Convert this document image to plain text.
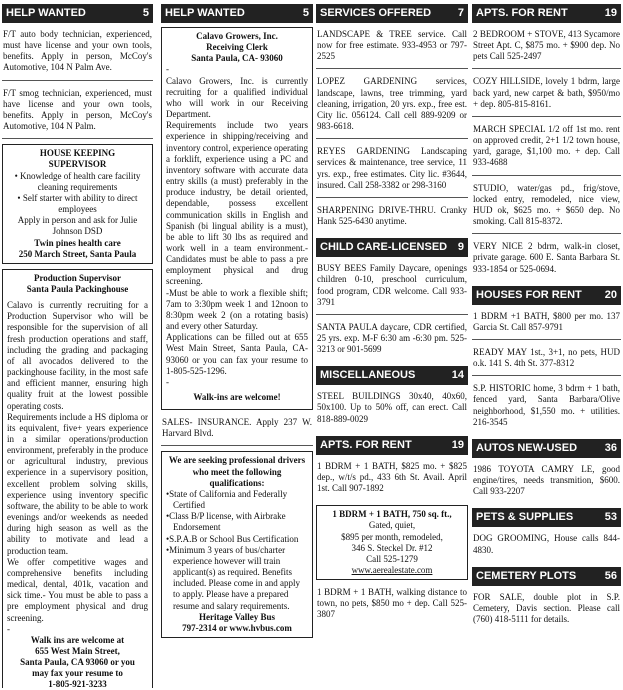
HELP WANTED	5
F/T auto body technician, experienced, must have license and your own tools, benefits. Apply in person, McCoy's Automotive, 104 N Palm Ave.
F/T smog technician, experienced, must have license and your own tools, benefits. Apply in person, McCoy's Automotive, 104 N Palm.
HOUSE KEEPING
SUPERVISOR
• Knowledge of health care facility cleaning requirements
• Self starter with ability to direct employees
Apply in person and ask for Julie Johnson DSD
Twin pines health care
250 March Street, Santa Paula
Production Supervisor
Santa Paula Packinghouse
Calavo is currently recruiting for a Production Supervisor who will be responsible for the supervision of all fresh production operations and staff, including the grading and packaging of all avocados delivered to the packinghouse facility, in the most safe and efficient manner, ensuring high quality fruit at the lowest possible operating costs.
Requirements include a HS diploma or its equivalent, five+ years experience in a similar operations/production environment, preferably in the produce or agricultural industry, previous experience in a supervisory position, excellent problem solving skills, experience using inventory specific software, the ability to be able to work evenings and/or weekends as needed during high season as well as the ability to motivate and lead a production team.
We offer competitive wages and comprehensive benefits including medical, dental, 401k, vacation and sick time.- You must be able to pass a pre employment physical and drug screening.
-
Walk ins are welcome at
655 West Main Street,
Santa Paula, CA 93060 or you
may fax your resume to
1-805-921-3233
HELP WANTED	5
Calavo Growers, Inc.
Receiving Clerk
Santa Paula, CA- 93060
-
Calavo Growers, Inc. is currently recruiting for a qualified individual who will work in our Receiving Department.
Requirements include two years experience in shipping/receiving and inventory control, experience operating a forklift, experience using a PC and inventory software with accurate data entry skills (a must) preferably in the produce industry, be detail oriented, dependable, possess excellent communication skills in English and Spanish (bi lingual ability is a must), be able to lift 30 lbs as required and work well in a team environment.- Candidates must be able to pass a pre employment physical and drug screening.
-Must be able to work a flexible shift; 7am to 3:30pm week 1 and 12noon to 8:30pm week 2 (on a rotating basis) and every other Saturday.
Applications can be filled out at 655 West Main Street, Santa Paula, CA- 93060 or you can fax your resume to 1-805-525-1296.
-
Walk-ins are welcome!
SALES- INSURANCE. Apply 237 W. Harvard Blvd.
We are seeking professional drivers who meet the following qualifications:
• State of California and Federally Certified
• Class B/P license, with Airbrake Endorsement
• S.P.A.B or School Bus Certification
• Minimum 3 years of bus/charter experience however will train applicant(s) as required. Benefits included. Please come in and apply to apply. Please have a prepared resume and salary requirements.
Heritage Valley Bus
797-2314 or www.hvbus.com
SERVICES OFFERED 7
LANDSCAPE & TREE service. Call now for free estimate. 933-4953 or 797-2525
LOPEZ GARDENING services, landscape, lawns, tree trimming, yard cleaning, irrigation, 20 yrs. exp., free est. City lic. 056124. Call cell 889-9209 or 983-6618.
REYES GARDENING Landscaping services & maintenance, tree service, 11 yrs. exp., free estimates. City lic. #3644, insured. Call 258-3382 or 298-3160
SHARPENING DRIVE-THRU. Cranky Hank 525-6430 anytime.
CHILD CARE-LICENSED 9
BUSY BEES Family Daycare, openings children 0-10, preschool curriculum, food program, CDR welcome. Call 933-3791
SANTA PAULA daycare, CDR certified, 25 yrs. exp. M-F 6:30 am -6:30 pm. 525-3213 or 901-5699
MISCELLANEOUS	14
STEEL BUILDINGS 30x40, 40x60, 50x100. Up to 50% off, can erect. Call 818-889-0029
APTS. FOR RENT	19
1 BDRM + 1 BATH, $825 mo. + $825 dep., w/t/s pd., 433 6th St. Avail. April 1st. Call 907-1892
1 BDRM + 1 BATH, 750 sq. ft.,
Gated, quiet,
$895 per month, remodeled,
346 S. Steckel Dr. #12
Call 525-1279
www.aerealestate.com
1 BDRM + 1 BATH, walking distance to town, no pets, $850 mo + dep. Call 525-3807
APTS. FOR RENT	19
2 BEDROOM + STOVE, 413 Sycamore Street Apt. C, $875 mo. + $900 dep. No pets Call 525-2497
COZY HILLSIDE, lovely 1 bdrm, large back yard, new carpet & bath, $950/mo + dep. 805-815-8161.
MARCH SPECIAL 1/2 off 1st mo. rent on approved credit, 2+1 1/2 town house, yard, garage, $1,100 mo. + dep. Call 933-4688
STUDIO, water/gas pd., frig/stove, locked entry, remodeled, nice view, HUD ok, $625 mo. + $650 dep. No smoking. Call 815-8372.
VERY NICE 2 bdrm, walk-in closet, private garage. 600 E. Santa Barbara St. 933-1854 or 525-0694.
HOUSES FOR RENT 20
1 BDRM +1 BATH, $800 per mo. 137 Garcia St. Call 857-9791
READY MAY 1st., 3+1, no pets, HUD o.k. 141 S. 4th St. 377-8312
S.P. HISTORIC home, 3 bdrm + 1 bath, fenced yard, Santa Barbara/Olive neighborhood, $1,550 mo. + utilities. 216-3545
AUTOS NEW-USED	36
1986 TOYOTA CAMRY LE, good engine/tires, needs transmition, $600. Call 933-2207
PETS & SUPPLIES	53
DOG GROOMING, House calls 844-4830.
CEMETERY PLOTS	56
FOR SALE, double plot in S.P. Cemetery, Davis section. Please call (760) 418-5111 for details.
